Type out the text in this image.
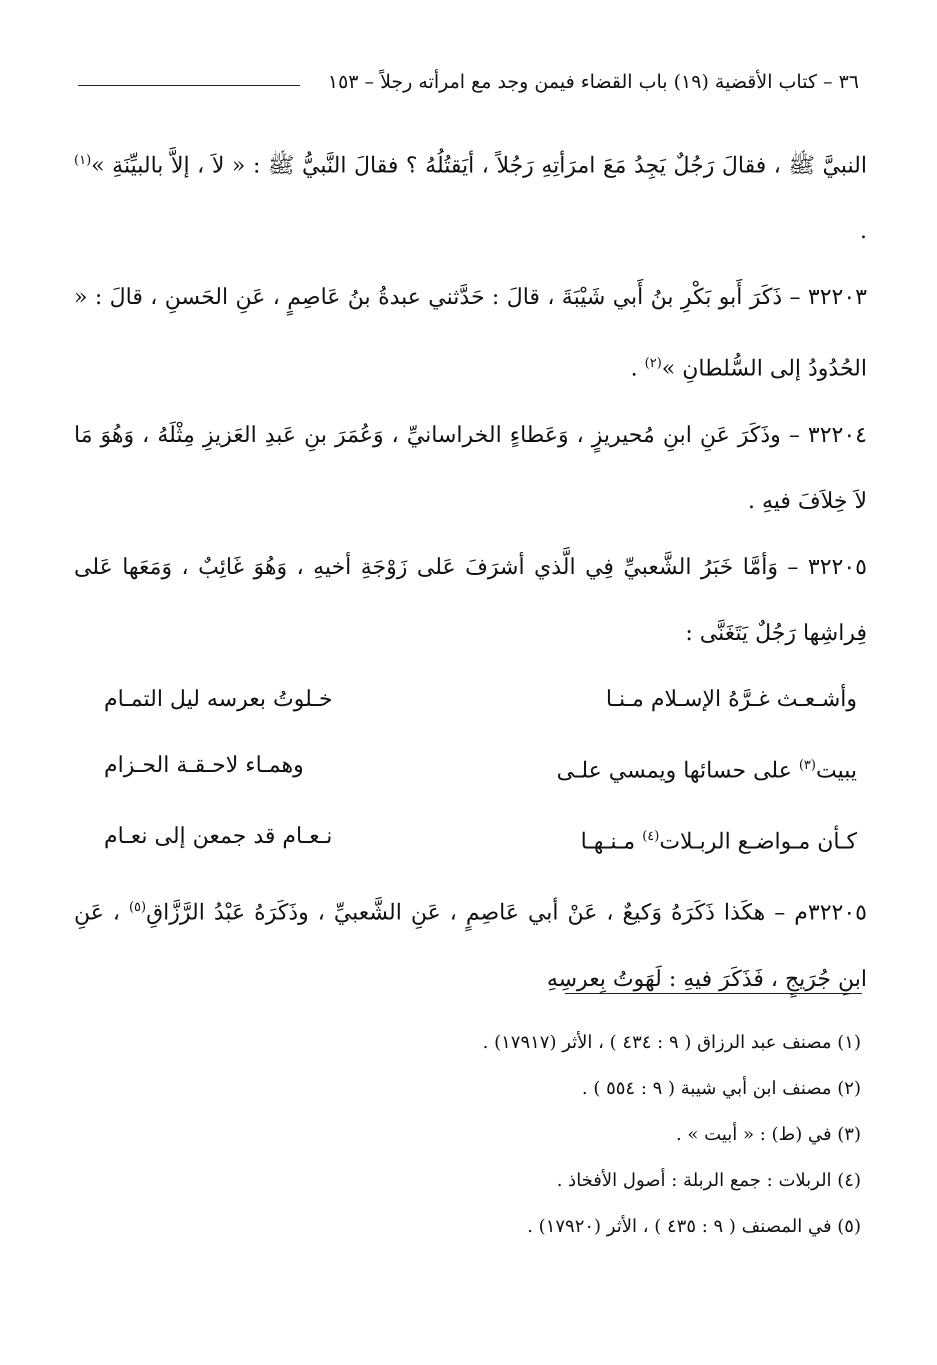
٣٦ – كتاب الأقضية (١٩) باب القضاء فيمن وجد مع امرأته رجلاً – ١٥٣

النبيَّ ﷺ ، فقالَ رَجُلٌ يَجِدُ مَعَ امرَأتِهِ رَجُلاً ، أيَقتُلُهُ ؟ فقالَ النَّبيُّ ﷺ : « لاَ ، إلاَّ بالبيِّنَةِ »$^{(١)}$ .

٣٢٢٠٣ – ذَكَرَ أَبو بَكْرِ بنُ أَبي شَيْبَةَ ، قالَ : حَدَّثني عبدةُ بنُ عَاصِمٍ ، عَنِ الحَسنِ ، قالَ : « الحُدُودُ إلى السُّلطانِ »$^{(٢)}$ .

٣٢٢٠٤ – وذَكَرَ عَنِ ابنِ مُحيريزٍ ، وَعَطاءٍ الخراسانيِّ ، وَعُمَرَ بنِ عَبدِ العَزيزِ مِثْلَهُ ، وَهُوَ مَا لاَ خِلاَفَ فيهِ .

٣٢٢٠٥ – وَأمَّا خَبَرُ الشَّعبيِّ فِي الَّذي أشرَفَ عَلى زَوْجَةِ أخيهِ ، وَهُوَ غَائِبٌ ، وَمَعَها عَلى فِراشِها رَجُلٌ يَتَغَنَّى :

وأشـعـث غـرَّهُ الإسـلام مـنـا
خـلوتُ بعرسه ليل التمـام
يبيت$^{(٣)}$ على حسائها ويمسي علـى
وهمـاء لاحـقـة الحـزام
كـأن مـواضـع الربـلات$^{(٤)}$ مـنـهـا
نـعـام قد جمعن إلى نعـام

٣٢٢٠٥م – هكَذا ذَكَرَهُ وَكيعٌ ، عَنْ أبي عَاصِمٍ ، عَنِ الشَّعبيِّ ، وذَكَرَهُ عَبْدُ الرَّزَّاقِ$^{(٥)}$ ، عَنِ ابنِ جُرَيجٍ ، فَذَكَرَ فيهِ : لَهَوتُ بِعرسِهِ

(١) مصنف عبد الرزاق ( ٩ : ٤٣٤ ) ، الأثر (١٧٩١٧) .
(٢) مصنف ابن أبي شيبة ( ٩ : ٥٥٤ ) .
(٣) في (ط) : « أبيت » .
(٤) الربلات : جمع الربلة : أصول الأفخاذ .
(٥) في المصنف ( ٩ : ٤٣٥ ) ، الأثر (١٧٩٢٠) .
